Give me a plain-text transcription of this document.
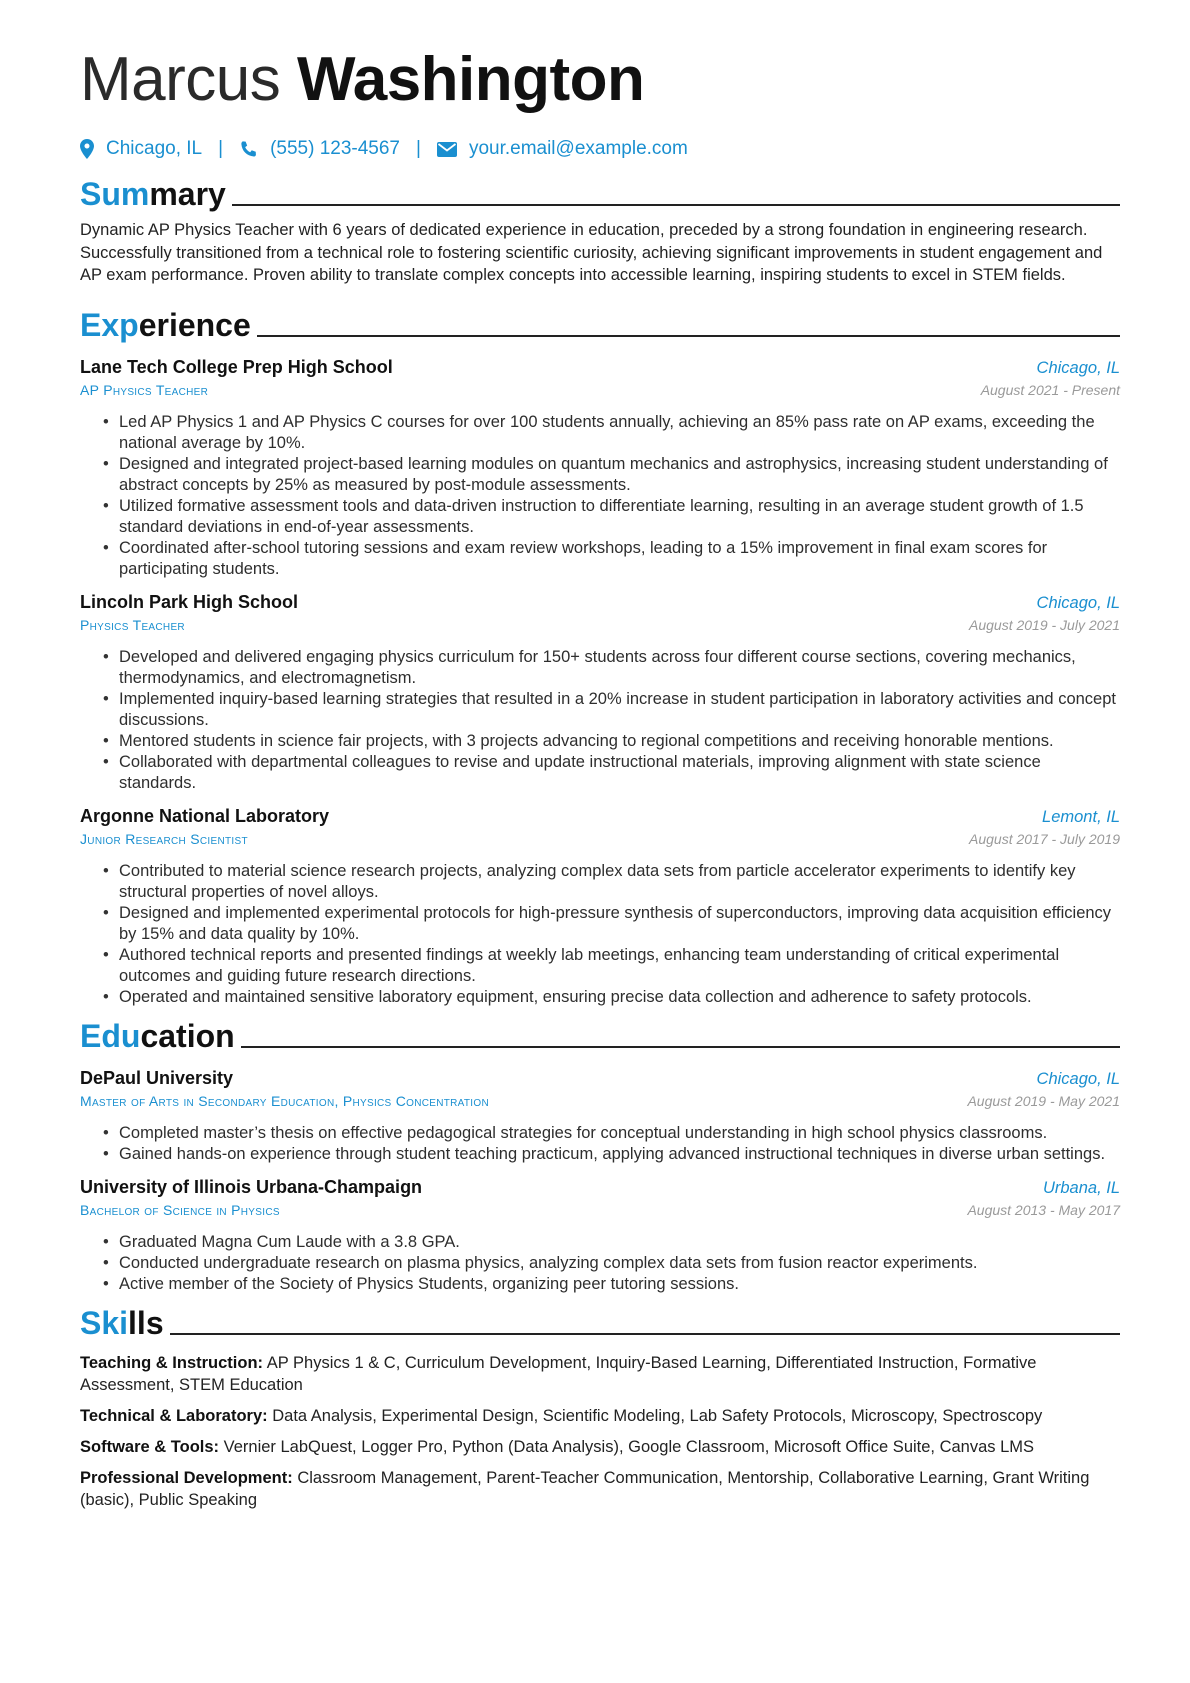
Marcus Washington
Chicago, IL | (555) 123-4567 |	your.email@example.com
Summary
Dynamic AP Physics Teacher with 6 years of dedicated experience in education, preceded by a strong foundation in engineering research. Successfully transitioned from a technical role to fostering scientific curiosity, achieving significant improvements in student engagement and AP exam performance. Proven ability to translate complex concepts into accessible learning, inspiring students to excel in STEM fields.
Experience
Lane Tech College Prep High School	Chicago, IL
AP Physics Teacher	August 2021 - Present
• Led AP Physics 1 and AP Physics C courses for over 100 students annually, achieving an 85% pass rate on AP exams, exceeding the national average by 10%.
• Designed and integrated project-based learning modules on quantum mechanics and astrophysics, increasing student understanding of abstract concepts by 25% as measured by post-module assessments.
• Utilized formative assessment tools and data-driven instruction to differentiate learning, resulting in an average student growth of 1.5 standard deviations in end-of-year assessments.
• Coordinated after-school tutoring sessions and exam review workshops, leading to a 15% improvement in final exam scores for participating students.
Lincoln Park High School	Chicago, IL
Physics Teacher	August 2019 - July 2021
• Developed and delivered engaging physics curriculum for 150+ students across four different course sections, covering mechanics, thermodynamics, and electromagnetism.
• Implemented inquiry-based learning strategies that resulted in a 20% increase in student participation in laboratory activities and concept discussions.
• Mentored students in science fair projects, with 3 projects advancing to regional competitions and receiving honorable mentions.
• Collaborated with departmental colleagues to revise and update instructional materials, improving alignment with state science standards.
Argonne National Laboratory	Lemont, IL
Junior Research Scientist	August 2017 - July 2019
• Contributed to material science research projects, analyzing complex data sets from particle accelerator experiments to identify key structural properties of novel alloys.
• Designed and implemented experimental protocols for high-pressure synthesis of superconductors, improving data acquisition efficiency by 15% and data quality by 10%.
• Authored technical reports and presented findings at weekly lab meetings, enhancing team understanding of critical experimental outcomes and guiding future research directions.
• Operated and maintained sensitive laboratory equipment, ensuring precise data collection and adherence to safety protocols.
Education
DePaul University	Chicago, IL
Master of Arts in Secondary Education, Physics Concentration	August 2019 - May 2021
• Completed master’s thesis on effective pedagogical strategies for conceptual understanding in high school physics classrooms.
• Gained hands-on experience through student teaching practicum, applying advanced instructional techniques in diverse urban settings.
University of Illinois Urbana-Champaign	Urbana, IL
Bachelor of Science in Physics	August 2013 - May 2017
• Graduated Magna Cum Laude with a 3.8 GPA.
• Conducted undergraduate research on plasma physics, analyzing complex data sets from fusion reactor experiments.
• Active member of the Society of Physics Students, organizing peer tutoring sessions.
Skills
Teaching & Instruction: AP Physics 1 & C, Curriculum Development, Inquiry-Based Learning, Differentiated Instruction, Formative Assessment, STEM Education
Technical & Laboratory: Data Analysis, Experimental Design, Scientific Modeling, Lab Safety Protocols, Microscopy, Spectroscopy
Software & Tools: Vernier LabQuest, Logger Pro, Python (Data Analysis), Google Classroom, Microsoft Office Suite, Canvas LMS
Professional Development: Classroom Management, Parent-Teacher Communication, Mentorship, Collaborative Learning, Grant Writing (basic), Public Speaking
